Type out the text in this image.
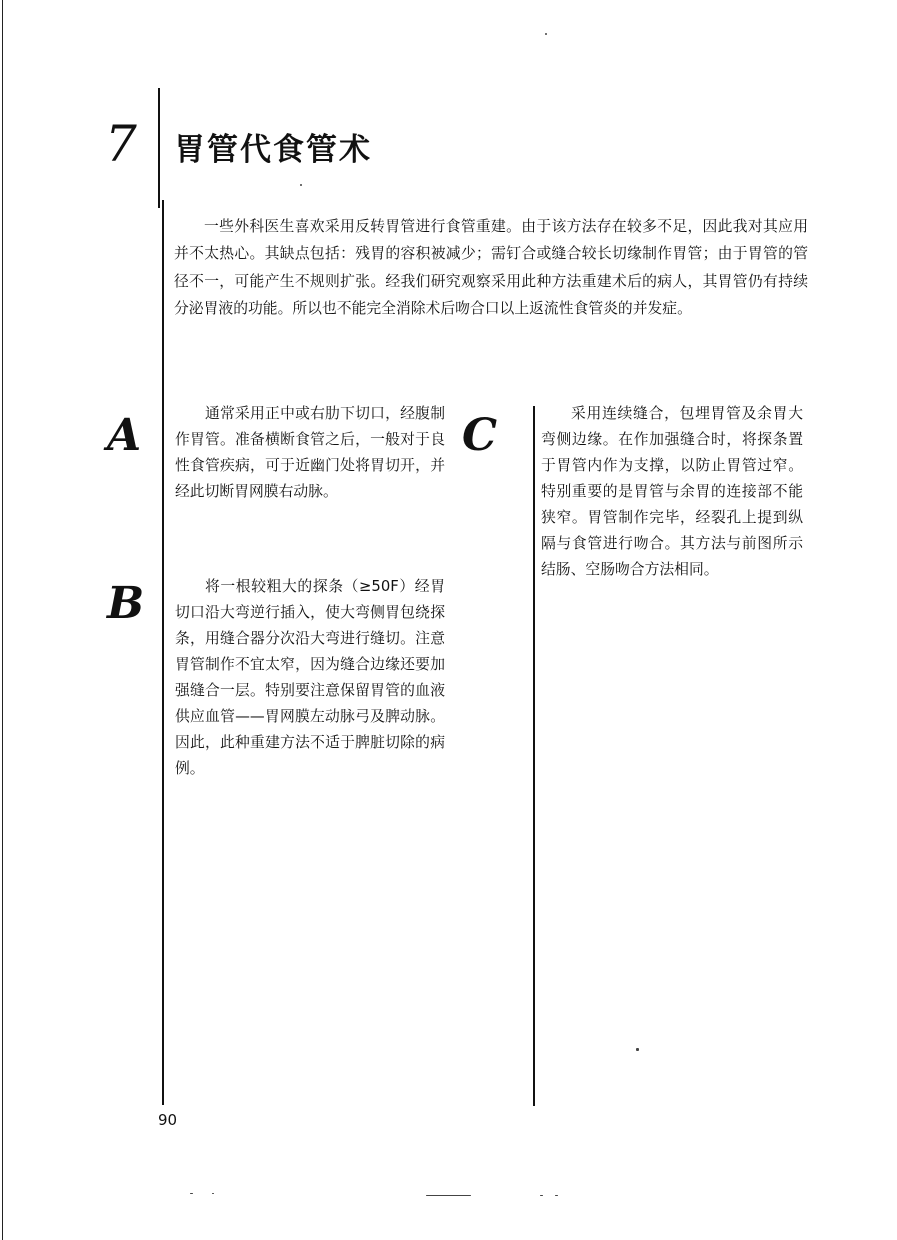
7 胃管代食管术

一些外科医生喜欢采用反转胃管进行食管重建。由于该方法存在较多不足，因此我对其应用并不太热心。其缺点包括：残胃的容积被减少；需钉合或缝合较长切缘制作胃管；由于胃管的管径不一，可能产生不规则扩张。经我们研究观察采用此种方法重建术后的病人，其胃管仍有持续分泌胃液的功能。所以也不能完全消除术后吻合口以上返流性食管炎的并发症。

A	通常采用正中或右肋下切口，经腹制作胃管。准备横断食管之后，一般对于良性食管疾病，可于近幽门处将胃切开，并经此切断胃网膜右动脉。

B	将一根较粗大的探条（≥50F）经胃切口沿大弯逆行插入，使大弯侧胃包绕探条，用缝合器分次沿大弯进行缝切。注意胃管制作不宜太窄，因为缝合边缘还要加强缝合一层。特别要注意保留胃管的血液供应血管——胃网膜左动脉弓及脾动脉。因此，此种重建方法不适于脾脏切除的病例。

C	采用连续缝合，包埋胃管及余胃大弯侧边缘。在作加强缝合时，将探条置于胃管内作为支撑，以防止胃管过窄。特别重要的是胃管与余胃的连接部不能狭窄。胃管制作完毕，经裂孔上提到纵隔与食管进行吻合。其方法与前图所示结肠、空肠吻合方法相同。

90
